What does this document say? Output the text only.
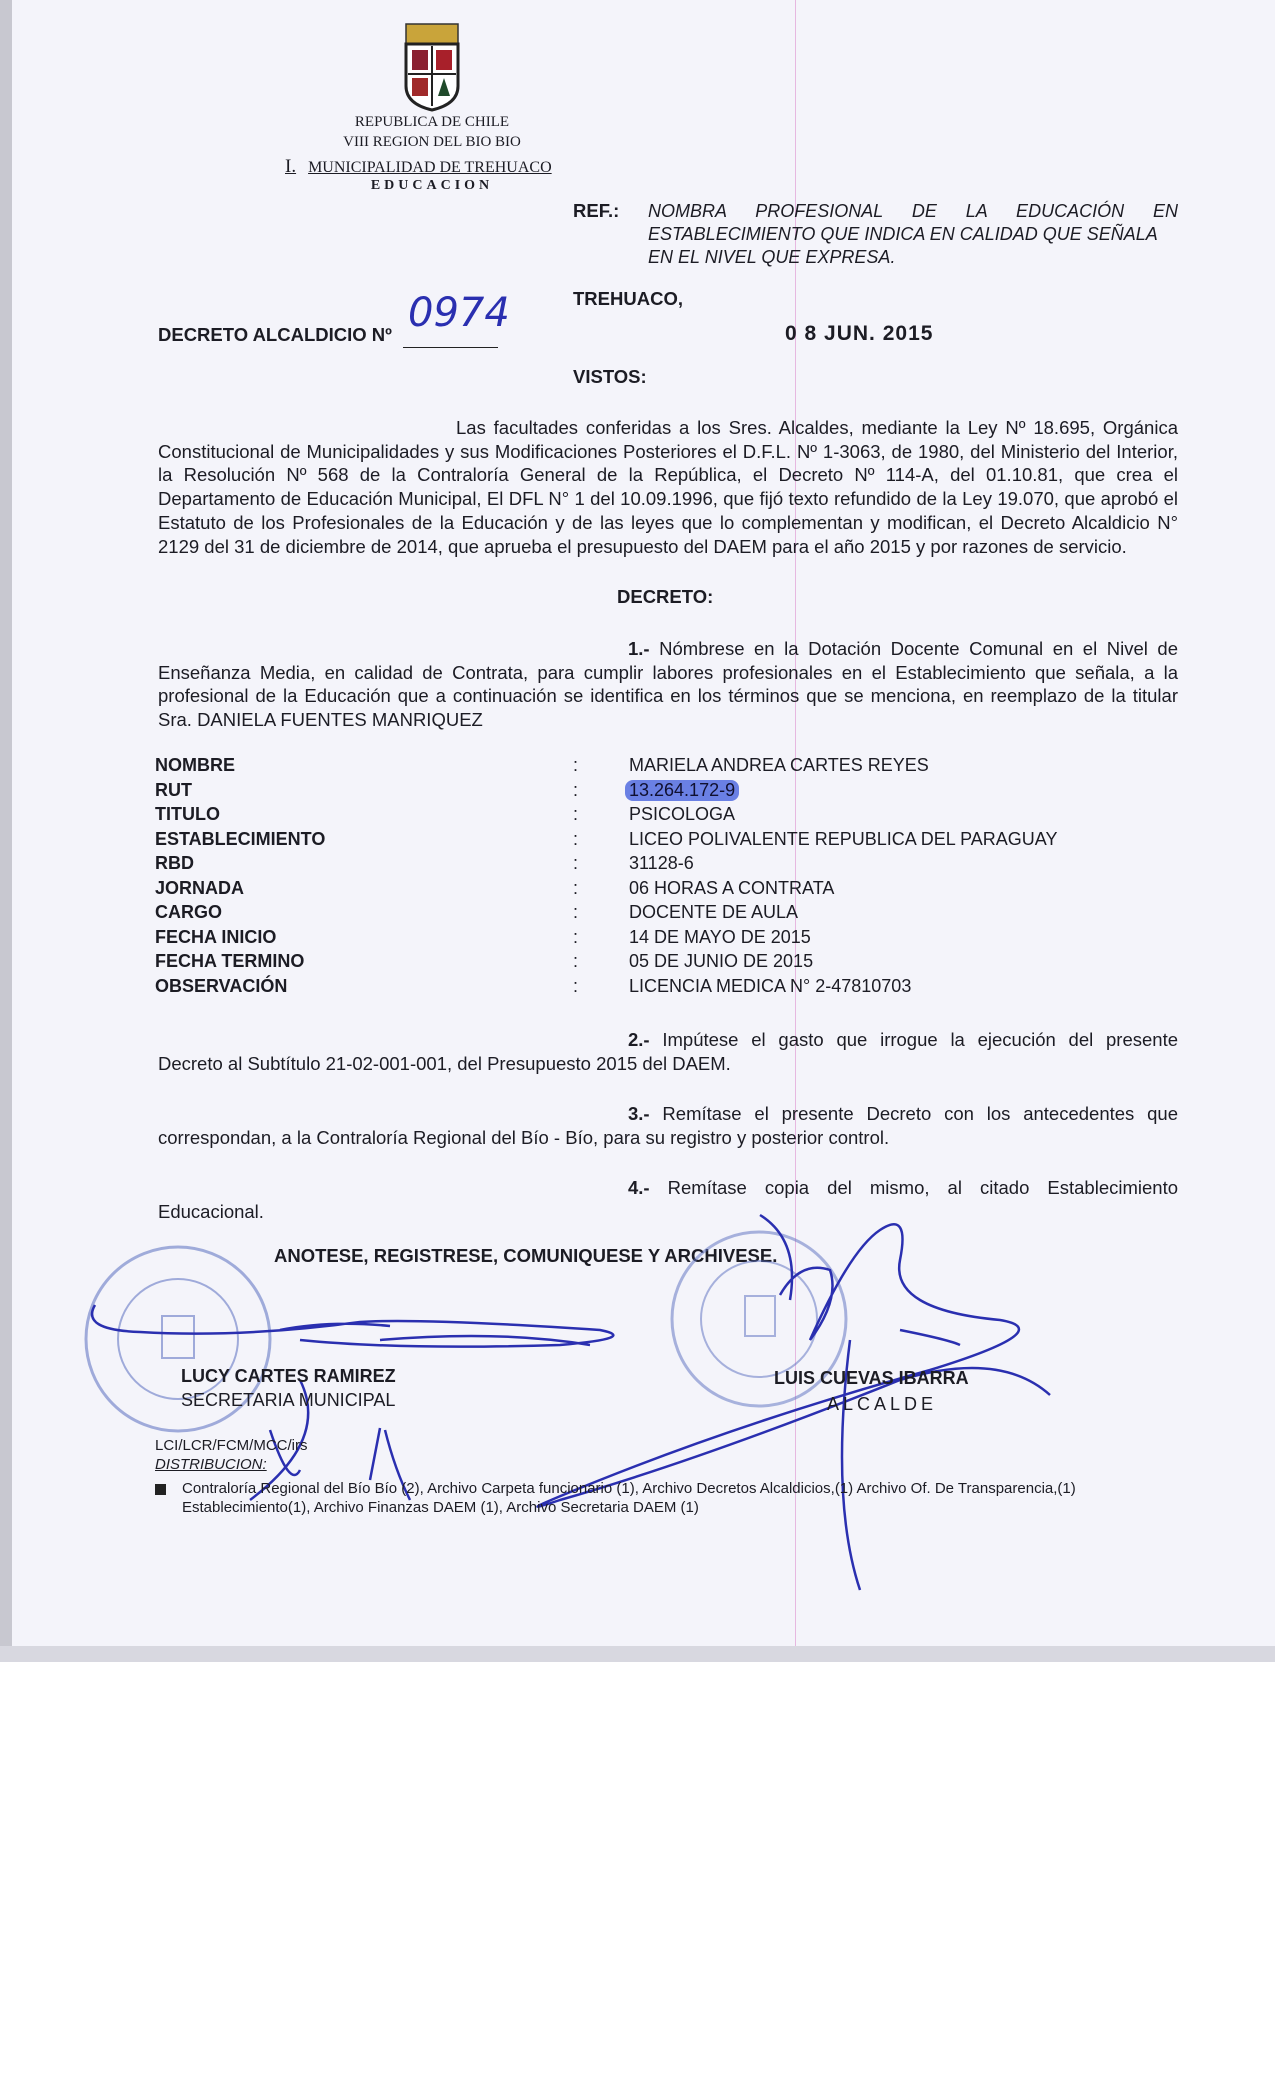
REPUBLICA DE CHILE
VIII REGION DEL BIO BIO
I. MUNICIPALIDAD DE TREHUACO
EDUCACION
REF.: NOMBRA PROFESIONAL DE LA EDUCACIÓN EN
ESTABLECIMIENTO QUE INDICA EN CALIDAD QUE SEÑALA
EN EL NIVEL QUE EXPRESA.
TREHUACO,
0 8 JUN. 2015
DECRETO ALCALDICIO Nº 0974
VISTOS:
Las facultades conferidas a los Sres. Alcaldes, mediante la Ley Nº 18.695, Orgánica Constitucional de Municipalidades y sus Modificaciones Posteriores el D.F.L. Nº 1-3063, de 1980, del Ministerio del Interior, la Resolución Nº 568 de la Contraloría General de la República, el Decreto Nº 114-A, del 01.10.81, que crea el Departamento de Educación Municipal, El DFL N° 1 del 10.09.1996, que fijó texto refundido de la Ley 19.070, que aprobó el Estatuto de los Profesionales de la Educación y de las leyes que lo complementan y modifican, el Decreto Alcaldicio N° 2129 del 31 de diciembre de 2014, que aprueba el presupuesto del DAEM para el año 2015 y por razones de servicio.
DECRETO:
1.- Nómbrese en la Dotación Docente Comunal en el Nivel de Enseñanza Media, en calidad de Contrata, para cumplir labores profesionales en el Establecimiento que señala, a la profesional de la Educación que a continuación se identifica en los términos que se menciona, en reemplazo de la titular Sra. DANIELA FUENTES MANRIQUEZ
NOMBRE	:	MARIELA ANDREA CARTES REYES
RUT	:	13.264.172-9
TITULO	:	PSICOLOGA
ESTABLECIMIENTO	:	LICEO POLIVALENTE REPUBLICA DEL PARAGUAY
RBD	:	31128-6
JORNADA	:	06 HORAS A CONTRATA
CARGO	:	DOCENTE DE AULA
FECHA INICIO	:	14 DE MAYO DE 2015
FECHA TERMINO	:	05 DE JUNIO DE 2015
OBSERVACIÓN	:	LICENCIA MEDICA N° 2-47810703
2.- Impútese el gasto que irrogue la ejecución del presente Decreto al Subtítulo 21-02-001-001, del Presupuesto 2015 del DAEM.
3.- Remítase el presente Decreto con los antecedentes que correspondan, a la Contraloría Regional del Bío - Bío, para su registro y posterior control.
4.- Remítase copia del mismo, al citado Establecimiento Educacional.
ANOTESE, REGISTRESE, COMUNIQUESE Y ARCHIVESE.
LUCY CARTES RAMIREZ
SECRETARIA MUNICIPAL
LUIS CUEVAS IBARRA
ALCALDE
LCI/LCR/FCM/MCC/irs
DISTRIBUCION:
Contraloría Regional del Bío Bío (2), Archivo Carpeta funcionario (1), Archivo Decretos Alcaldicios,(1) Archivo Of. De Transparencia,(1)
Establecimiento(1), Archivo Finanzas DAEM (1), Archivo Secretaria DAEM (1)
